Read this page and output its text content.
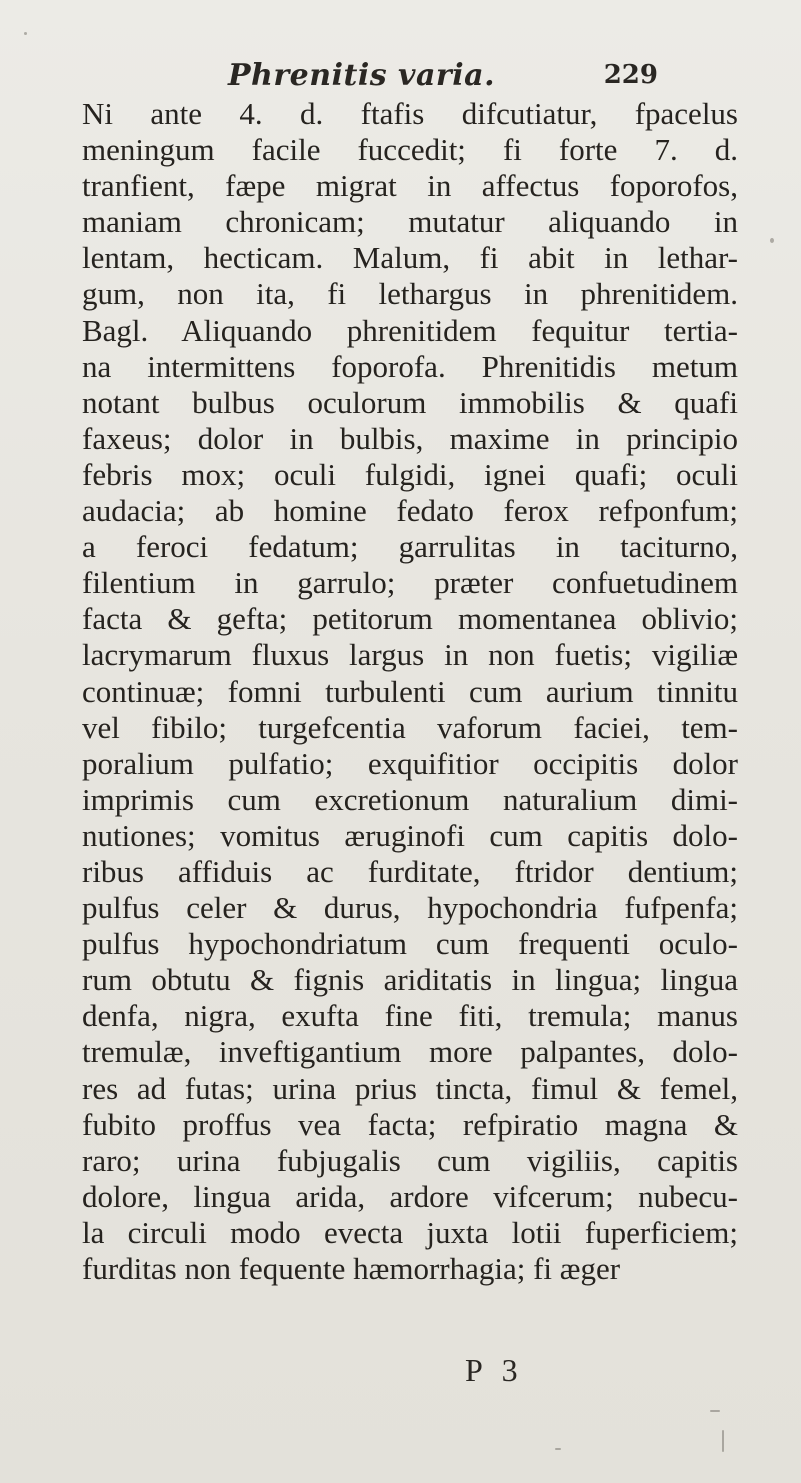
Phrenitis varia.	229
Ni ante 4. d. ftafis difcutiatur, fpacelus
meningum facile fuccedit; fi forte 7. d.
tranfient, fæpe migrat in affectus foporofos,
maniam chronicam; mutatur aliquando in
lentam, hecticam. Malum, fi abit in lethar-
gum, non ita, fi lethargus in phrenitidem.
Bagl. Aliquando phrenitidem fequitur tertia-
na intermittens foporofa. Phrenitidis metum
notant bulbus oculorum immobilis & quafi
faxeus; dolor in bulbis, maxime in principio
febris mox; oculi fulgidi, ignei quafi; oculi
audacia; ab homine fedato ferox refponfum;
a feroci fedatum; garrulitas in taciturno,
filentium in garrulo; præter confuetudinem
facta & gefta; petitorum momentanea oblivio;
lacrymarum fluxus largus in non fuetis; vigiliæ
continuæ; fomni turbulenti cum aurium tinnitu
vel fibilo; turgefcentia vaforum faciei, tem-
poralium pulfatio; exquifitior occipitis dolor
imprimis cum excretionum naturalium dimi-
nutiones; vomitus æruginofi cum capitis dolo-
ribus affiduis ac furditate, ftridor dentium;
pulfus celer & durus, hypochondria fufpenfa;
pulfus hypochondriatum cum frequenti oculo-
rum obtutu & fignis ariditatis in lingua; lingua
denfa, nigra, exufta fine fiti, tremula; manus
tremulæ, inveftigantium more palpantes, dolo-
res ad futas; urina prius tincta, fimul & femel,
fubito proffus vea facta; refpiratio magna &
raro; urina fubjugalis cum vigiliis, capitis
dolore, lingua arida, ardore vifcerum; nubecu-
la circuli modo evecta juxta lotii fuperficiem;
furditas non fequente hæmorrhagia; fi æger
P 3
